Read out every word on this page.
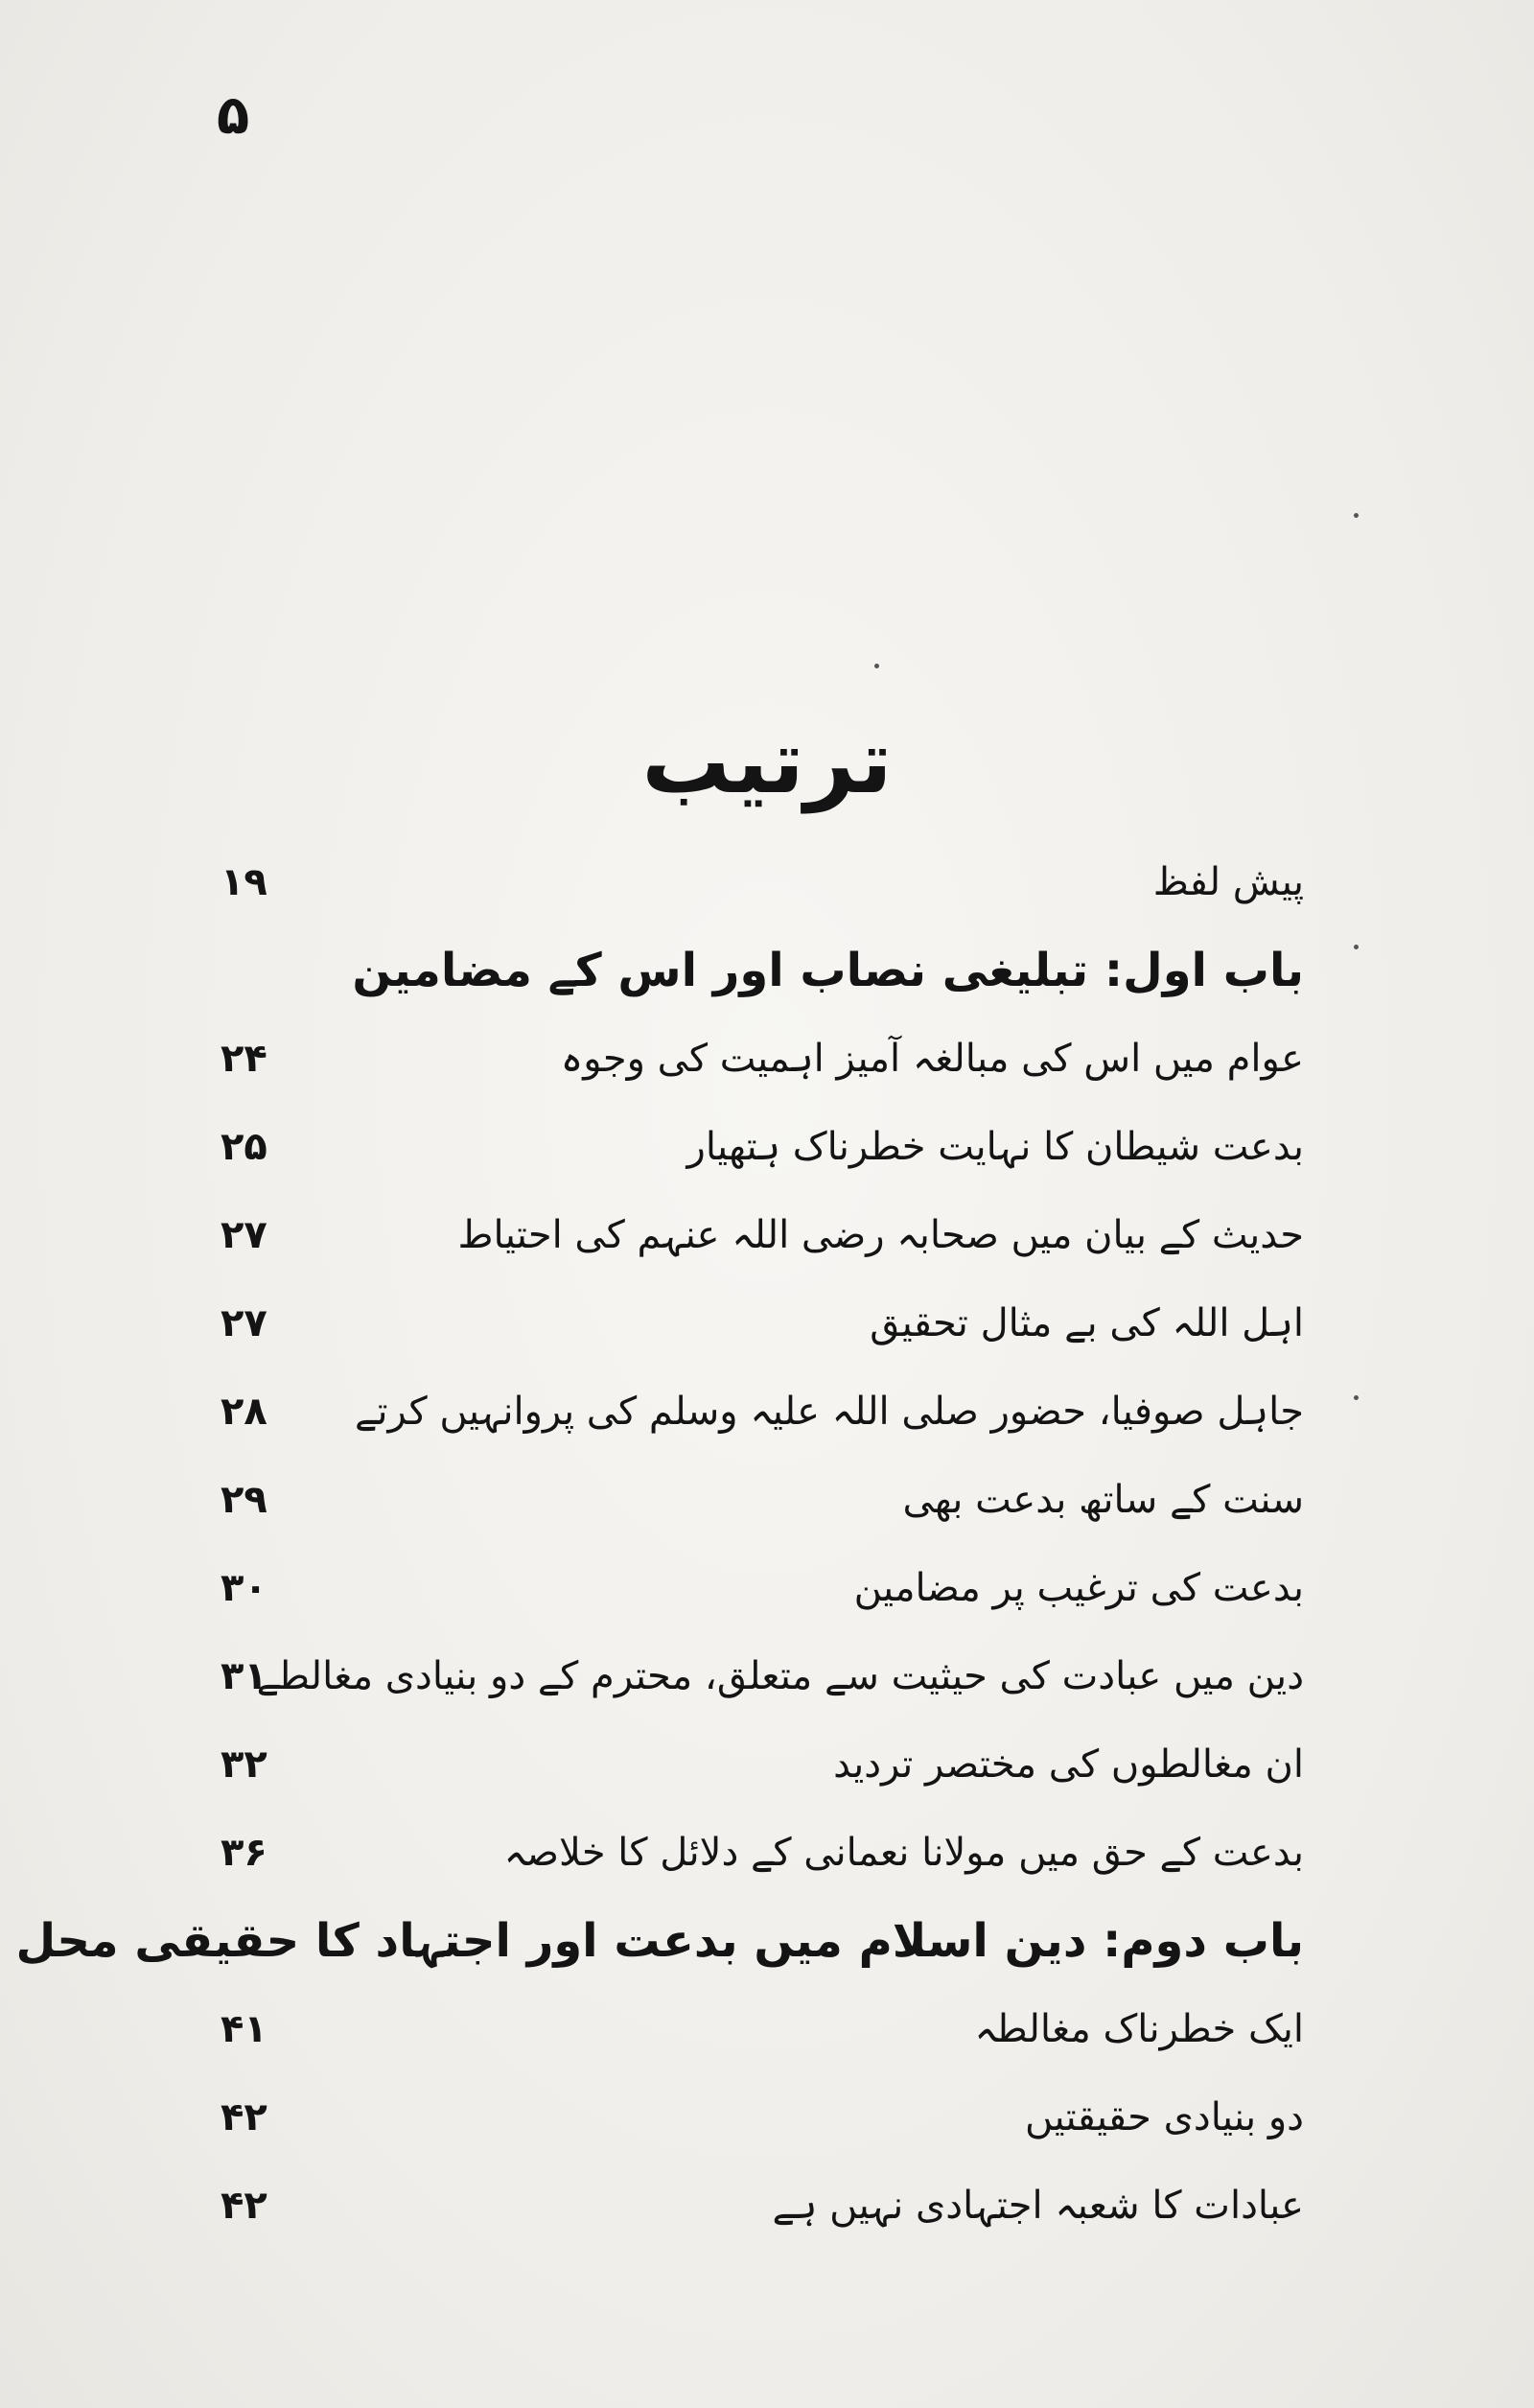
۵
ترتیب
پیش لفظ
۱۹
باب اول: تبلیغی نصاب اور اس کے مضامین
عوام میں اس کی مبالغہ آمیز اہمیت کی وجوہ
۲۴
بدعت شیطان کا نہایت خطرناک ہتھیار
۲۵
حدیث کے بیان میں صحابہ رضی اللہ عنہم کی احتیاط
۲۷
اہل اللہ کی بے مثال تحقیق
۲۷
جاہل صوفیا، حضور صلی اللہ علیہ وسلم کی پروانہیں کرتے
۲۸
سنت کے ساتھ بدعت بھی
۲۹
بدعت کی ترغیب پر مضامین
۳۰
دین میں عبادت کی حیثیت سے متعلق، محترم کے دو بنیادی مغالطے
۳۱
ان مغالطوں کی مختصر تردید
۳۲
بدعت کے حق میں مولانا نعمانی کے دلائل کا خلاصہ
۳۶
باب دوم: دین اسلام میں بدعت اور اجتہاد کا حقیقی محل
ایک خطرناک مغالطہ
۴۱
دو بنیادی حقیقتیں
۴۲
عبادات کا شعبہ اجتہادی نہیں ہے
۴۲
